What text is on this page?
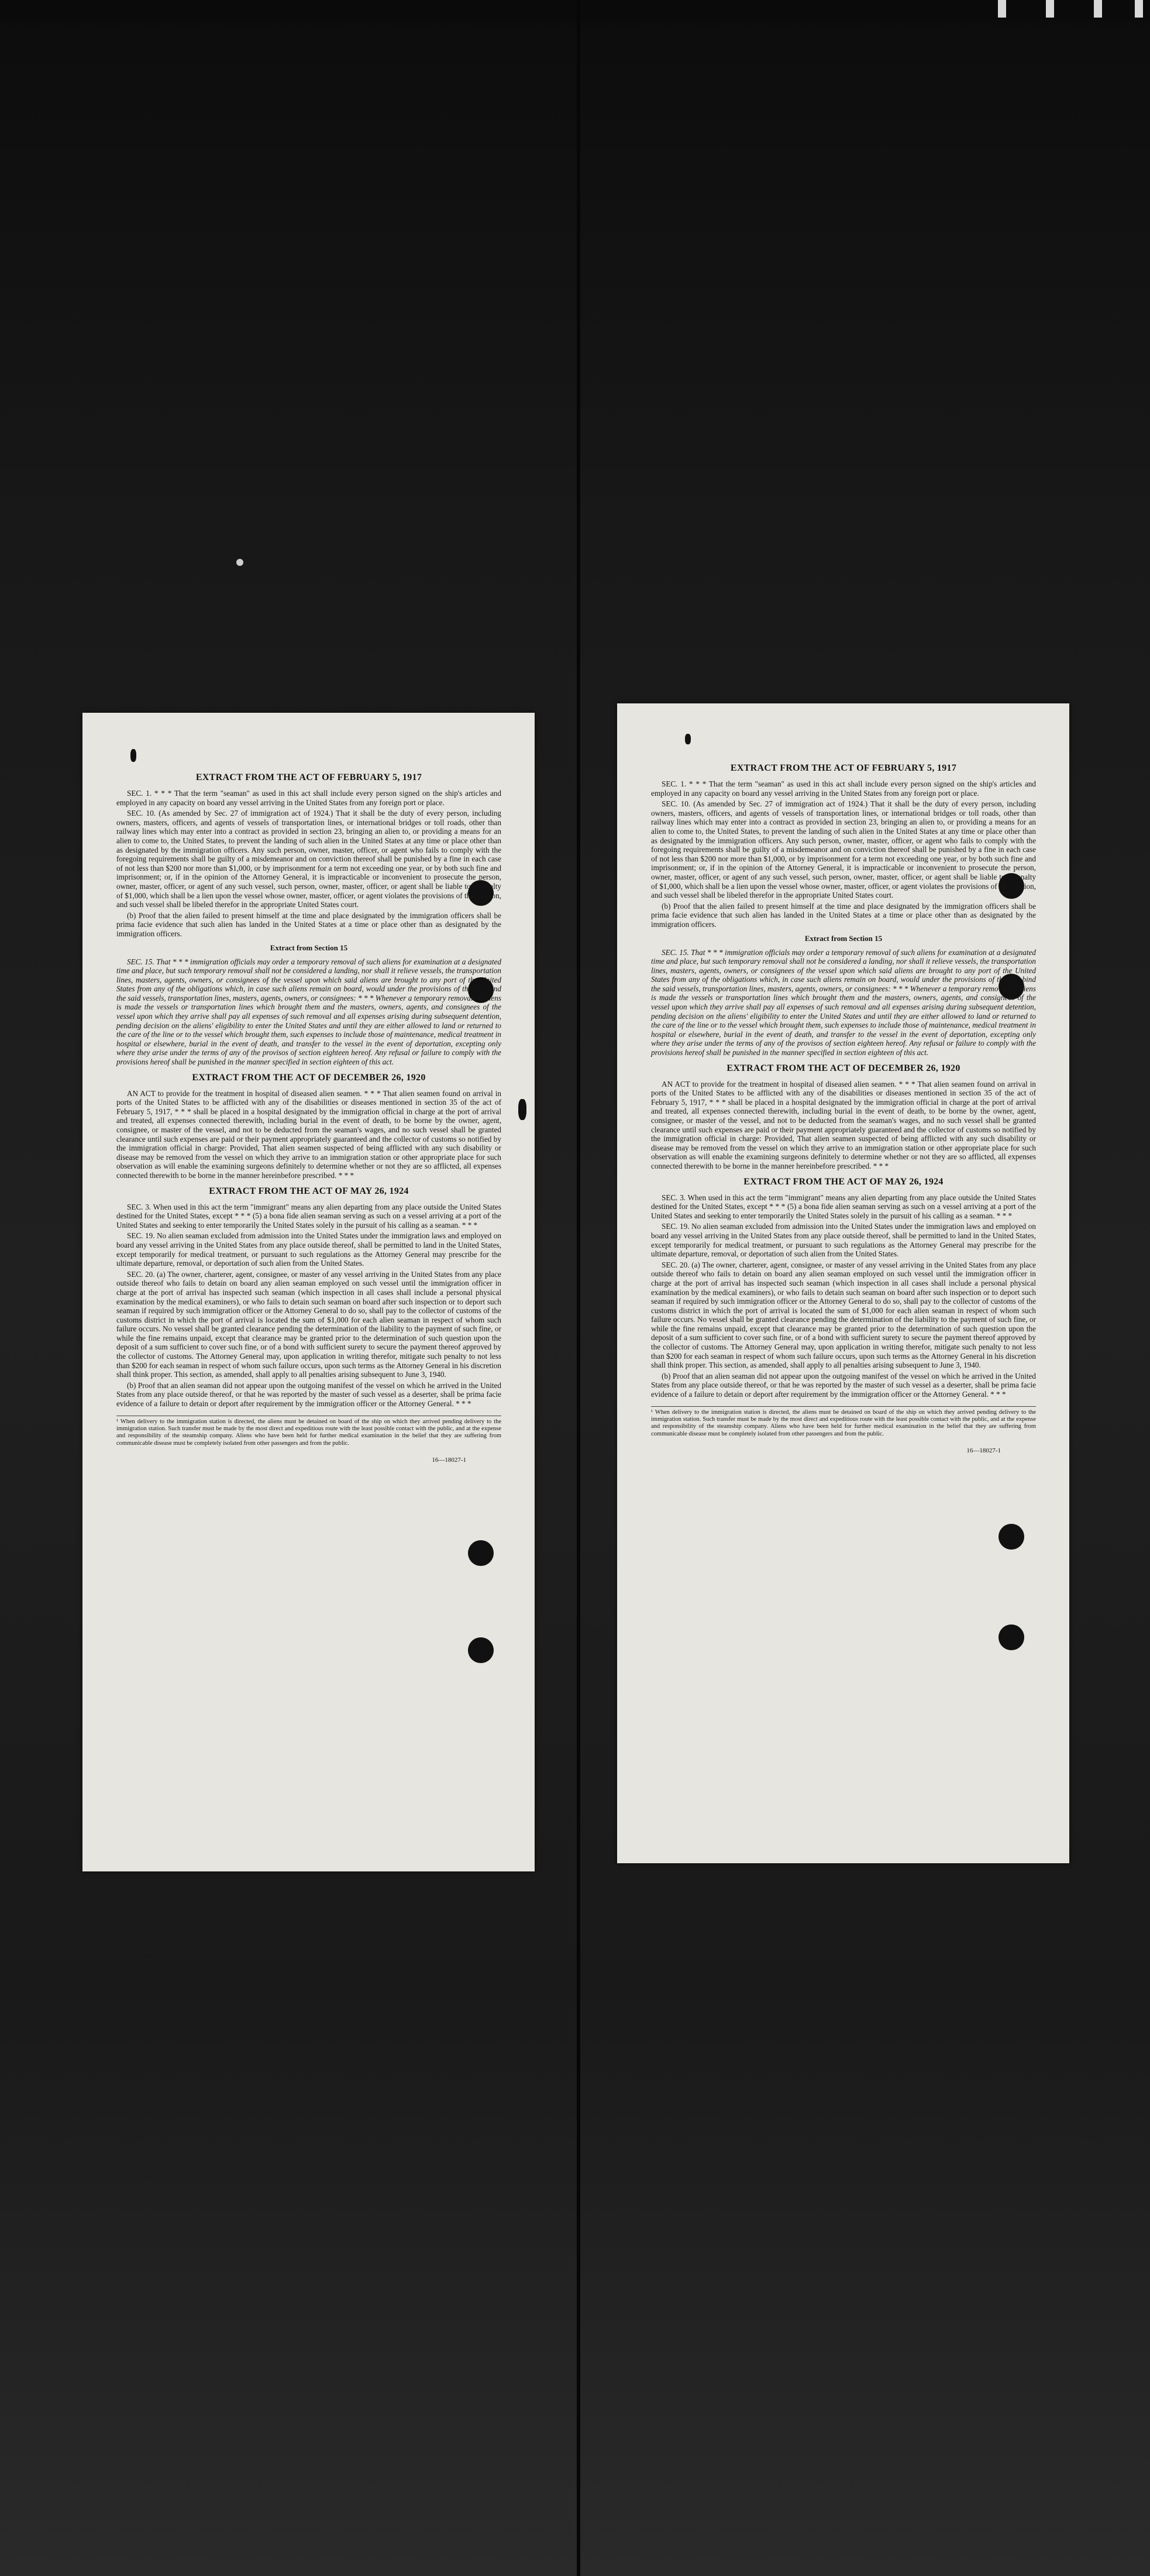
EXTRACT FROM THE ACT OF FEBRUARY 5, 1917

SEC. 1. * * * That the term "seaman" as used in this act shall include every person signed on the ship's articles and employed in any capacity on board any vessel arriving in the United States from any foreign port or place.

SEC. 10. (As amended by Sec. 27 of immigration act of 1924.) That it shall be the duty of every person, including owners, masters, officers, and agents of vessels of transportation lines, or international bridges or toll roads, other than railway lines which may enter into a contract as provided in section 23, bringing an alien to, or providing a means for an alien to come to, the United States, to prevent the landing of such alien in the United States at any time or place other than as designated by the immigration officers. Any such person, owner, master, officer, or agent who fails to comply with the foregoing requirements shall be guilty of a misdemeanor and on conviction thereof shall be punished by a fine in each case of not less than $200 nor more than $1,000, or by imprisonment for a term not exceeding one year, or by both such fine and imprisonment; or, if in the opinion of the Attorney General, it is impracticable or inconvenient to prosecute the person, owner, master, officer, or agent of any such vessel, such person, owner, master, officer, or agent shall be liable to a penalty of $1,000, which shall be a lien upon the vessel whose owner, master, officer, or agent violates the provisions of this section, and such vessel shall be libeled therefor in the appropriate United States court.

(b) Proof that the alien failed to present himself at the time and place designated by the immigration officers shall be prima facie evidence that such alien has landed in the United States at a time or place other than as designated by the immigration officers.

Extract from Section 15

SEC. 15. That * * * immigration officials may order a temporary removal of such aliens for examination at a designated time and place, but such temporary removal shall not be considered a landing, nor shall it relieve vessels, the transportation lines, masters, agents, owners, or consignees of the vessel upon which said aliens are brought to any port of the United States from any of the obligations which, in case such aliens remain on board, would under the provisions of this act bind the said vessels, transportation lines, masters, agents, owners, or consignees: * * * Whenever a temporary removal of aliens is made the vessels or transportation lines which brought them and the masters, owners, agents, and consignees of the vessel upon which they arrive shall pay all expenses of such removal and all expenses arising during subsequent detention, pending decision on the aliens' eligibility to enter the United States and until they are either allowed to land or returned to the care of the line or to the vessel which brought them, such expenses to include those of maintenance, medical treatment in hospital or elsewhere, burial in the event of death, and transfer to the vessel in the event of deportation, excepting only where they arise under the terms of any of the provisos of section eighteen hereof. Any refusal or failure to comply with the provisions hereof shall be punished in the manner specified in section eighteen of this act.

EXTRACT FROM THE ACT OF DECEMBER 26, 1920

AN ACT to provide for the treatment in hospital of diseased alien seamen. * * * That alien seamen found on arrival in ports of the United States to be afflicted with any of the disabilities or diseases mentioned in section 35 of the act of February 5, 1917, * * * shall be placed in a hospital designated by the immigration official in charge at the port of arrival and treated, all expenses connected therewith, including burial in the event of death, to be borne by the owner, agent, consignee, or master of the vessel, and not to be deducted from the seaman's wages, and no such vessel shall be granted clearance until such expenses are paid or their payment appropriately guaranteed and the collector of customs so notified by the immigration official in charge: Provided, That alien seamen suspected of being afflicted with any such disability or disease may be removed from the vessel on which they arrive to an immigration station or other appropriate place for such observation as will enable the examining surgeons definitely to determine whether or not they are so afflicted, all expenses connected therewith to be borne in the manner hereinbefore prescribed. * * *

EXTRACT FROM THE ACT OF MAY 26, 1924

SEC. 3. When used in this act the term "immigrant" means any alien departing from any place outside the United States destined for the United States, except * * * (5) a bona fide alien seaman serving as such on a vessel arriving at a port of the United States and seeking to enter temporarily the United States solely in the pursuit of his calling as a seaman. * * *

SEC. 19. No alien seaman excluded from admission into the United States under the immigration laws and employed on board any vessel arriving in the United States from any place outside thereof, shall be permitted to land in the United States, except temporarily for medical treatment, or pursuant to such regulations as the Attorney General may prescribe for the ultimate departure, removal, or deportation of such alien from the United States.

SEC. 20. (a) The owner, charterer, agent, consignee, or master of any vessel arriving in the United States from any place outside thereof who fails to detain on board any alien seaman employed on such vessel until the immigration officer in charge at the port of arrival has inspected such seaman (which inspection in all cases shall include a personal physical examination by the medical examiners), or who fails to detain such seaman on board after such inspection or to deport such seaman if required by such immigration officer or the Attorney General to do so, shall pay to the collector of customs of the customs district in which the port of arrival is located the sum of $1,000 for each alien seaman in respect of whom such failure occurs. No vessel shall be granted clearance pending the determination of the liability to the payment of such fine, or while the fine remains unpaid, except that clearance may be granted prior to the determination of such question upon the deposit of a sum sufficient to cover such fine, or of a bond with sufficient surety to secure the payment thereof approved by the collector of customs. The Attorney General may, upon application in writing therefor, mitigate such penalty to not less than $200 for each seaman in respect of whom such failure occurs, upon such terms as the Attorney General in his discretion shall think proper. This section, as amended, shall apply to all penalties arising subsequent to June 3, 1940.

(b) Proof that an alien seaman did not appear upon the outgoing manifest of the vessel on which he arrived in the United States from any place outside thereof, or that he was reported by the master of such vessel as a deserter, shall be prima facie evidence of a failure to detain or deport after requirement by the immigration officer or the Attorney General. * * *

¹ When delivery to the immigration station is directed, the aliens must be detained on board of the ship on which they arrived pending delivery to the immigration station. Such transfer must be made by the most direct and expeditious route with the least possible contact with the public, and at the expense and responsibility of the steamship company. Aliens who have been held for further medical examination in the belief that they are suffering from communicable disease must be completely isolated from other passengers and from the public.
16—18027-1
EXTRACT FROM THE ACT OF FEBRUARY 5, 1917

SEC. 1. * * * That the term "seaman" as used in this act shall include every person signed on the ship's articles and employed in any capacity on board any vessel arriving in the United States from any foreign port or place.

SEC. 10. (As amended by Sec. 27 of immigration act of 1924.) That it shall be the duty of every person, including owners, masters, officers, and agents of vessels of transportation lines, or international bridges or toll roads, other than railway lines which may enter into a contract as provided in section 23, bringing an alien to, or providing a means for an alien to come to, the United States, to prevent the landing of such alien in the United States at any time or place other than as designated by the immigration officers. Any such person, owner, master, officer, or agent who fails to comply with the foregoing requirements shall be guilty of a misdemeanor and on conviction thereof shall be punished by a fine in each case of not less than $200 nor more than $1,000, or by imprisonment for a term not exceeding one year, or by both such fine and imprisonment; or, if in the opinion of the Attorney General, it is impracticable or inconvenient to prosecute the person, owner, master, officer, or agent of any such vessel, such person, owner, master, officer, or agent shall be liable to a penalty of $1,000, which shall be a lien upon the vessel whose owner, master, officer, or agent violates the provisions of this section, and such vessel shall be libeled therefor in the appropriate United States court.

(b) Proof that the alien failed to present himself at the time and place designated by the immigration officers shall be prima facie evidence that such alien has landed in the United States at a time or place other than as designated by the immigration officers.

Extract from Section 15

SEC. 15. That * * * immigration officials may order a temporary removal of such aliens for examination at a designated time and place, but such temporary removal shall not be considered a landing, nor shall it relieve vessels, the transportation lines, masters, agents, owners, or consignees of the vessel upon which said aliens are brought to any port of the United States from any of the obligations which, in case such aliens remain on board, would under the provisions of this act bind the said vessels, transportation lines, masters, agents, owners, or consignees: * * * Whenever a temporary removal of aliens is made the vessels or transportation lines which brought them and the masters, owners, agents, and consignees of the vessel upon which they arrive shall pay all expenses of such removal and all expenses arising during subsequent detention, pending decision on the aliens' eligibility to enter the United States and until they are either allowed to land or returned to the care of the line or to the vessel which brought them, such expenses to include those of maintenance, medical treatment in hospital or elsewhere, burial in the event of death, and transfer to the vessel in the event of deportation, excepting only where they arise under the terms of any of the provisos of section eighteen hereof. Any refusal or failure to comply with the provisions hereof shall be punished in the manner specified in section eighteen of this act.

EXTRACT FROM THE ACT OF DECEMBER 26, 1920

AN ACT to provide for the treatment in hospital of diseased alien seamen. * * * That alien seamen found on arrival in ports of the United States to be afflicted with any of the disabilities or diseases mentioned in section 35 of the act of February 5, 1917, * * * shall be placed in a hospital designated by the immigration official in charge at the port of arrival and treated, all expenses connected therewith, including burial in the event of death, to be borne by the owner, agent, consignee, or master of the vessel, and not to be deducted from the seaman's wages, and no such vessel shall be granted clearance until such expenses are paid or their payment appropriately guaranteed and the collector of customs so notified by the immigration official in charge: Provided, That alien seamen suspected of being afflicted with any such disability or disease may be removed from the vessel on which they arrive to an immigration station or other appropriate place for such observation as will enable the examining surgeons definitely to determine whether or not they are so afflicted, all expenses connected therewith to be borne in the manner hereinbefore prescribed. * * *

EXTRACT FROM THE ACT OF MAY 26, 1924

SEC. 3. When used in this act the term "immigrant" means any alien departing from any place outside the United States destined for the United States, except * * * (5) a bona fide alien seaman serving as such on a vessel arriving at a port of the United States and seeking to enter temporarily the United States solely in the pursuit of his calling as a seaman. * * *

SEC. 19. No alien seaman excluded from admission into the United States under the immigration laws and employed on board any vessel arriving in the United States from any place outside thereof, shall be permitted to land in the United States, except temporarily for medical treatment, or pursuant to such regulations as the Attorney General may prescribe for the ultimate departure, removal, or deportation of such alien from the United States.

SEC. 20. (a) The owner, charterer, agent, consignee, or master of any vessel arriving in the United States from any place outside thereof who fails to detain on board any alien seaman employed on such vessel until the immigration officer in charge at the port of arrival has inspected such seaman (which inspection in all cases shall include a personal physical examination by the medical examiners), or who fails to detain such seaman on board after such inspection or to deport such seaman if required by such immigration officer or the Attorney General to do so, shall pay to the collector of customs of the customs district in which the port of arrival is located the sum of $1,000 for each alien seaman in respect of whom such failure occurs. No vessel shall be granted clearance pending the determination of the liability to the payment of such fine, or while the fine remains unpaid, except that clearance may be granted prior to the determination of such question upon the deposit of a sum sufficient to cover such fine, or of a bond with sufficient surety to secure the payment thereof approved by the collector of customs. The Attorney General may, upon application in writing therefor, mitigate such penalty to not less than $200 for each seaman in respect of whom such failure occurs, upon such terms as the Attorney General in his discretion shall think proper. This section, as amended, shall apply to all penalties arising subsequent to June 3, 1940.

(b) Proof that an alien seaman did not appear upon the outgoing manifest of the vessel on which he arrived in the United States from any place outside thereof, or that he was reported by the master of such vessel as a deserter, shall be prima facie evidence of a failure to detain or deport after requirement by the immigration officer or the Attorney General. * * *

¹ When delivery to the immigration station is directed, the aliens must be detained on board of the ship on which they arrived pending delivery to the immigration station. Such transfer must be made by the most direct and expeditious route with the least possible contact with the public, and at the expense and responsibility of the steamship company. Aliens who have been held for further medical examination in the belief that they are suffering from communicable disease must be completely isolated from other passengers and from the public.
16—18027-1
